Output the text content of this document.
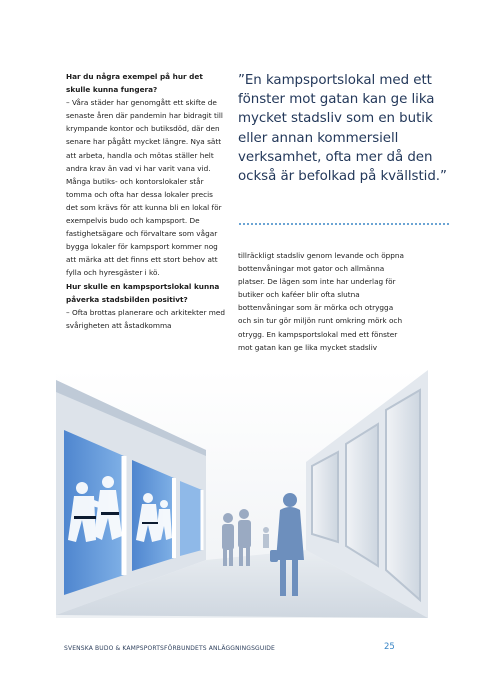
Har du några exempel på hur det skulle kunna fungera?

– Våra städer har genomgått ett skifte de senaste åren där pandemin har bidragit till krympande kontor och butiksdöd, där den senare har pågått mycket längre. Nya sätt att arbeta, handla och mötas ställer helt andra krav än vad vi har varit vana vid. Många butiks- och kontorslokaler står tomma och ofta har dessa lokaler precis det som krävs för att kunna bli en lokal för exempelvis budo och kampsport. De fastighetsägare och förvaltare som vågar bygga lokaler för kampsport kommer nog att märka att det finns ett stort behov att fylla och hyresgäster i kö.

Hur skulle en kampsportslokal kunna påverka stadsbilden positivt?

– Ofta brottas planerare och arkitekter med svårigheten att åstadkomma

”En kampsportslokal med ett fönster mot gatan kan ge lika mycket stadsliv som en butik eller annan kommersiell verksamhet, ofta mer då den också är befolkad på kvällstid.”

tillräckligt stadsliv genom levande och öppna bottenvåningar mot gator och allmänna platser. De lägen som inte har underlag för butiker och kaféer blir ofta slutna bottenvåningar som är mörka och otrygga och sin tur gör miljön runt omkring mörk och otrygg. En kampsportslokal med ett fönster mot gatan kan ge lika mycket stadsliv

SVENSKA BUDO & KAMPSPORTSFÖRBUNDETS ANLÄGGNINGSGUIDE	25
